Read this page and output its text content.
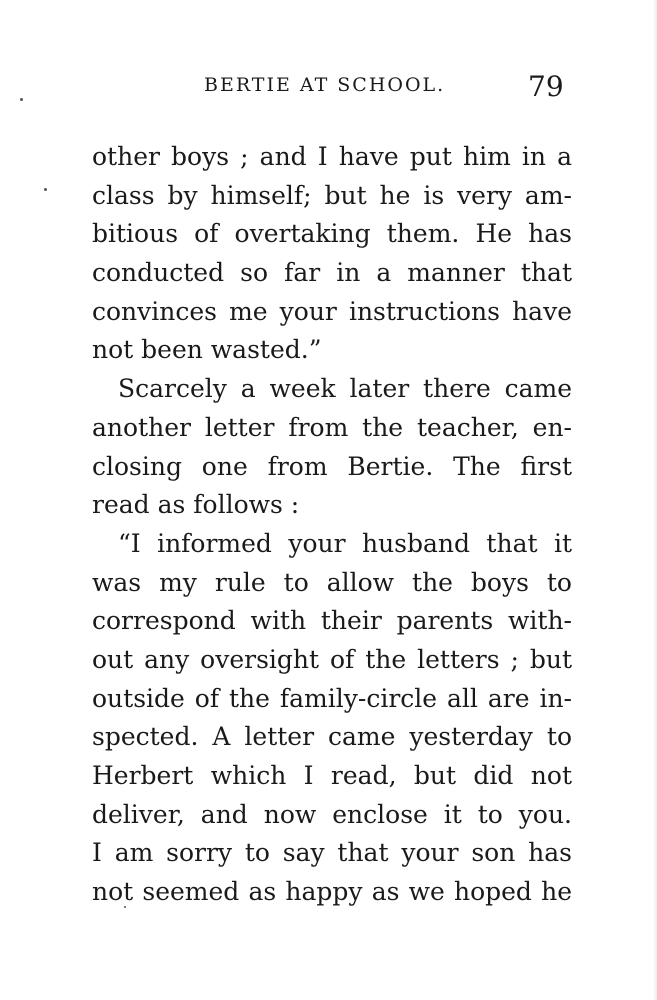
BERTIE AT SCHOOL.	79
other boys ; and I have put him in a
class by himself; but he is very am-
bitious of overtaking them. He has
conducted so far in a manner that
convinces me your instructions have
not been wasted.”
Scarcely a week later there came
another letter from the teacher, en-
closing one from Bertie. The first
read as follows :
“I informed your husband that it
was my rule to allow the boys to
correspond with their parents with-
out any oversight of the letters ; but
outside of the family-circle all are in-
spected. A letter came yesterday to
Herbert which I read, but did not
deliver, and now enclose it to you.
I am sorry to say that your son has
not seemed as happy as we hoped he
